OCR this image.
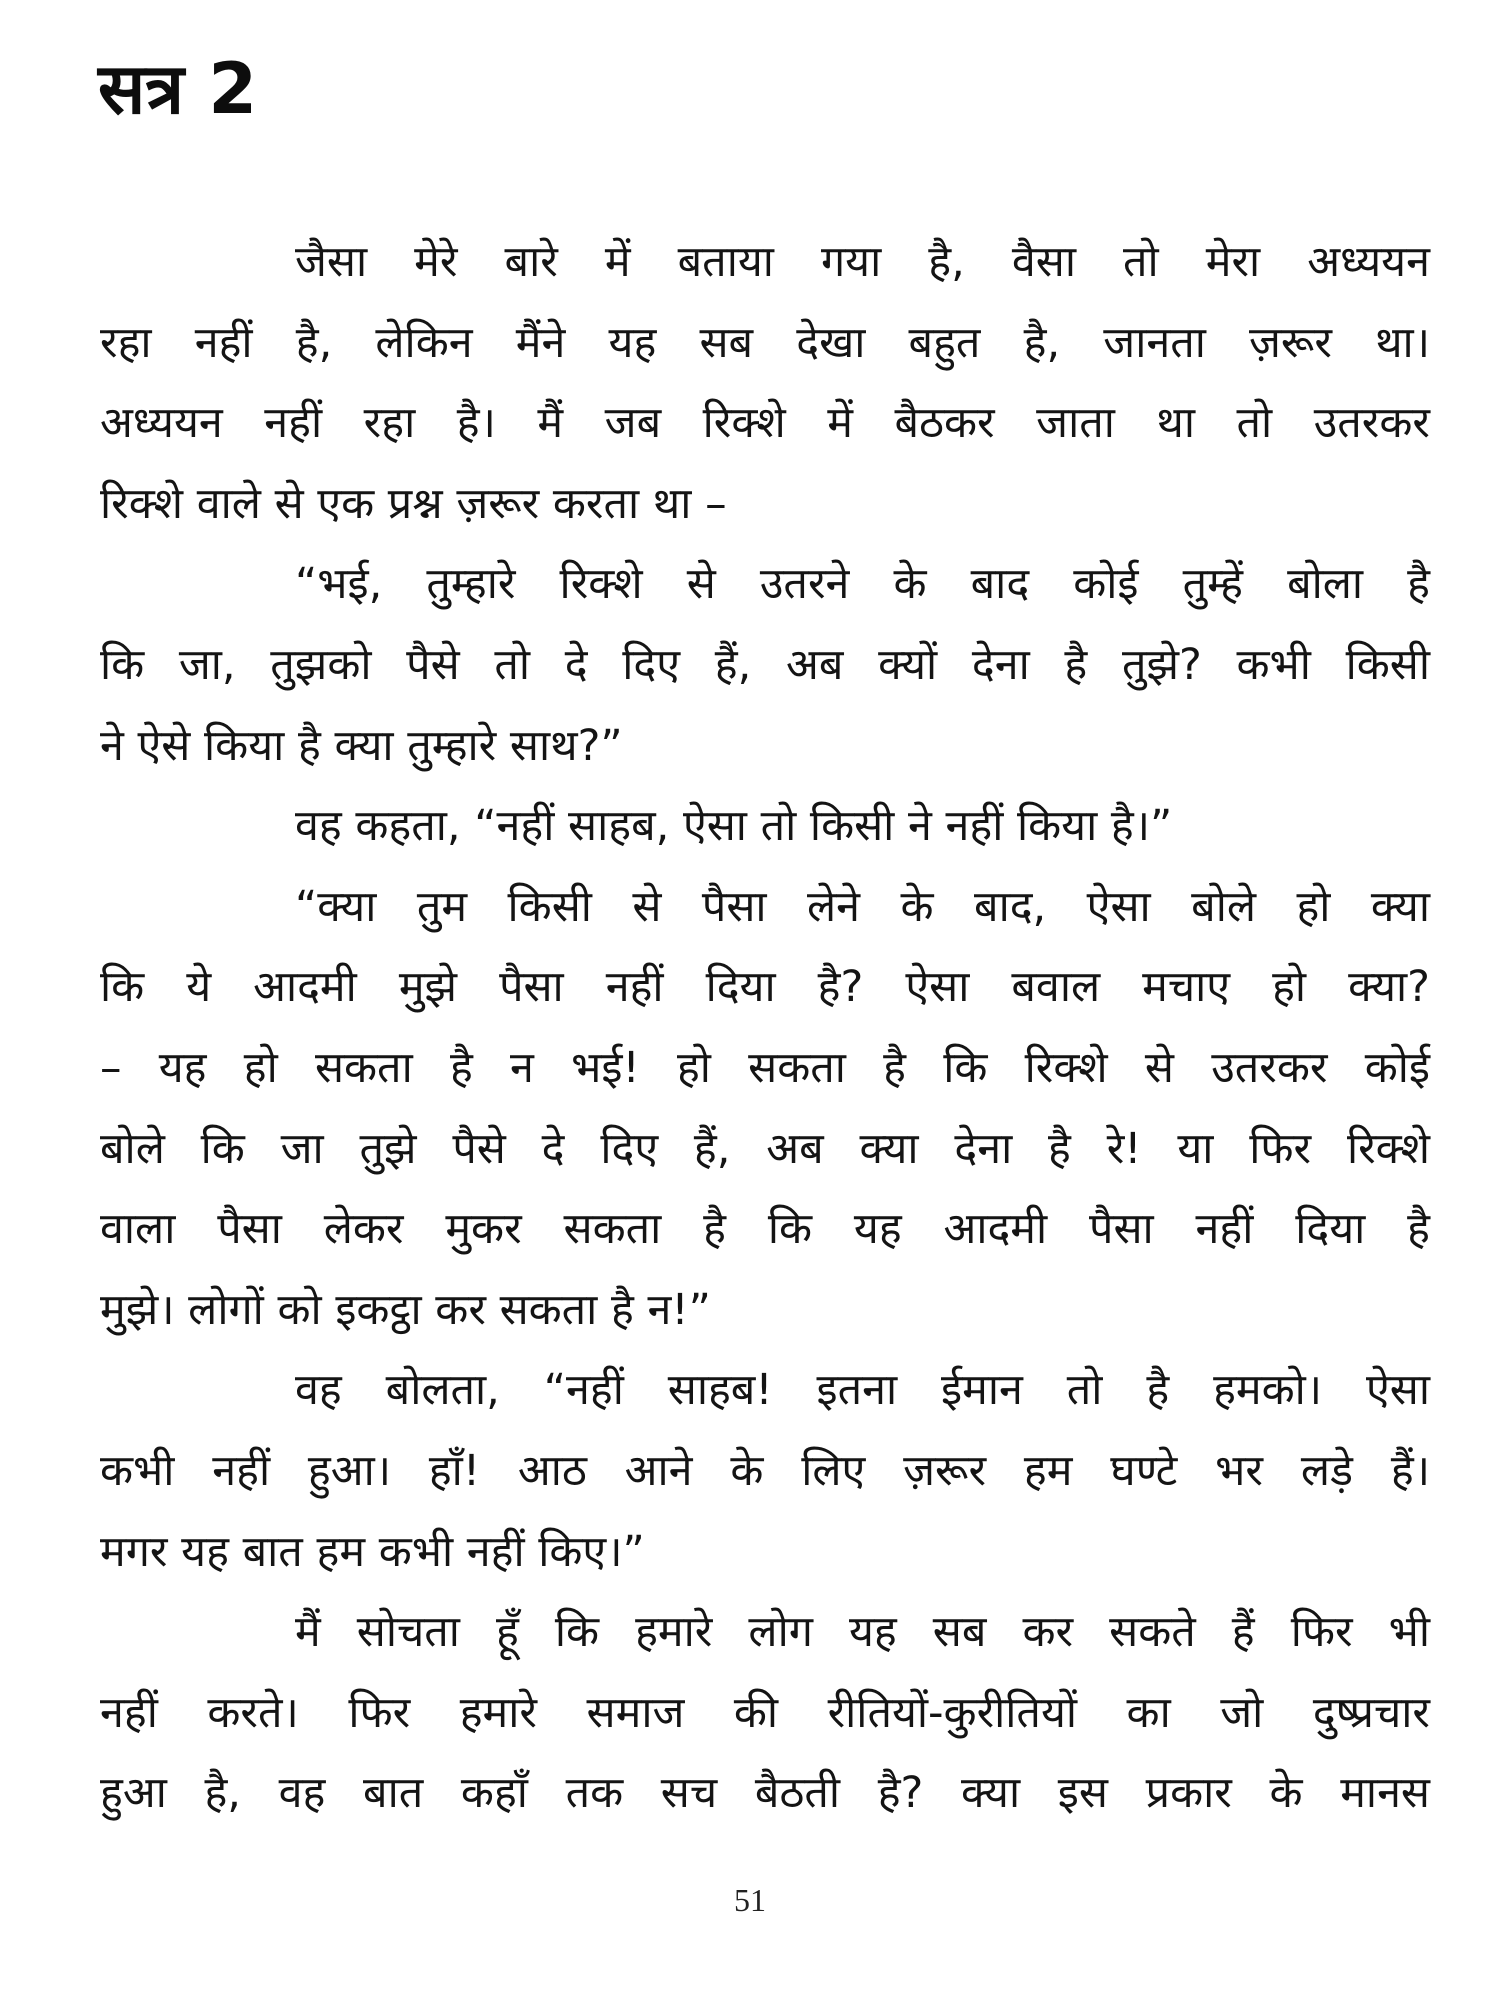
सत्र 2
जैसा मेरे बारे में बताया गया है, वैसा तो मेरा अध्ययन
रहा नहीं है, लेकिन मैंने यह सब देखा बहुत है, जानता ज़रूर था।
अध्ययन नहीं रहा है। मैं जब रिक्शे में बैठकर जाता था तो उतरकर
रिक्शे वाले से एक प्रश्न ज़रूर करता था –
“भई, तुम्हारे रिक्शे से उतरने के बाद कोई तुम्हें बोला है
कि जा, तुझको पैसे तो दे दिए हैं, अब क्यों देना है तुझे? कभी किसी
ने ऐसे किया है क्या तुम्हारे साथ?”
वह कहता, “नहीं साहब, ऐसा तो किसी ने नहीं किया है।”
“क्या तुम किसी से पैसा लेने के बाद, ऐसा बोले हो क्या
कि ये आदमी मुझे पैसा नहीं दिया है? ऐसा बवाल मचाए हो क्या?
– यह हो सकता है न भई! हो सकता है कि रिक्शे से उतरकर कोई
बोले कि जा तुझे पैसे दे दिए हैं, अब क्या देना है रे! या फिर रिक्शे
वाला पैसा लेकर मुकर सकता है कि यह आदमी पैसा नहीं दिया है
मुझे। लोगों को इकट्ठा कर सकता है न!”
वह बोलता, “नहीं साहब! इतना ईमान तो है हमको। ऐसा
कभी नहीं हुआ। हाँ! आठ आने के लिए ज़रूर हम घण्टे भर लड़े हैं।
मगर यह बात हम कभी नहीं किए।”
मैं सोचता हूँ कि हमारे लोग यह सब कर सकते हैं फिर भी
नहीं करते। फिर हमारे समाज की रीतियों-कुरीतियों का जो दुष्प्रचार
हुआ है, वह बात कहाँ तक सच बैठती है? क्या इस प्रकार के मानस
51
